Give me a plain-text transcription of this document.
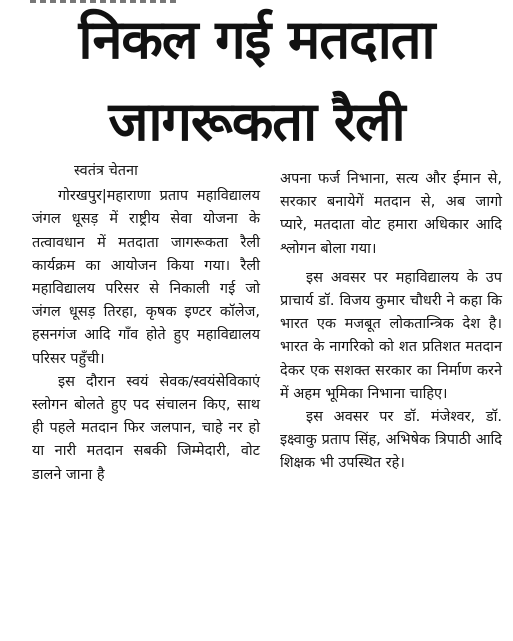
निकल गई मतदाता
जागरूकता रैली

स्वतंत्र चेतना

गोरखपुर|महाराणा प्रताप महाविद्यालय जंगल धूसड़ में राष्ट्रीय सेवा योजना के तत्वावधान में मतदाता जागरूकता रैली कार्यक्रम का आयोजन किया गया। रैली महाविद्यालय परिसर से निकाली गई जो जंगल धूसड़ तिरहा, कृषक इण्टर कॉलेज, हसनगंज आदि गाँव होते हुए महाविद्यालय परिसर पहुँची।

इस दौरान स्वयं सेवक/स्वयंसेविकाएं स्लोगन बोलते हुए पद संचालन किए, साथ ही पहले मतदान फिर जलपान, चाहे नर हो या नारी मतदान सबकी जिम्मेदारी, वोट डालने जाना है

अपना फर्ज निभाना, सत्य और ईमान से, सरकार बनायेगें मतदान से, अब जागो प्यारे, मतदाता वोट हमारा अधिकार आदि श्लोगन बोला गया।

इस अवसर पर महाविद्यालय के उप प्राचार्य डॉ. विजय कुमार चौधरी ने कहा कि भारत एक मजबूत लोकतान्त्रिक देश है। भारत के नागरिको को शत प्रतिशत मतदान देकर एक सशक्त सरकार का निर्माण करने में अहम भूमिका निभाना चाहिए।

इस अवसर पर डॉ. मंजेश्वर, डॉ. इक्ष्वाकु प्रताप सिंह, अभिषेक त्रिपाठी आदि शिक्षक भी उपस्थित रहे।
